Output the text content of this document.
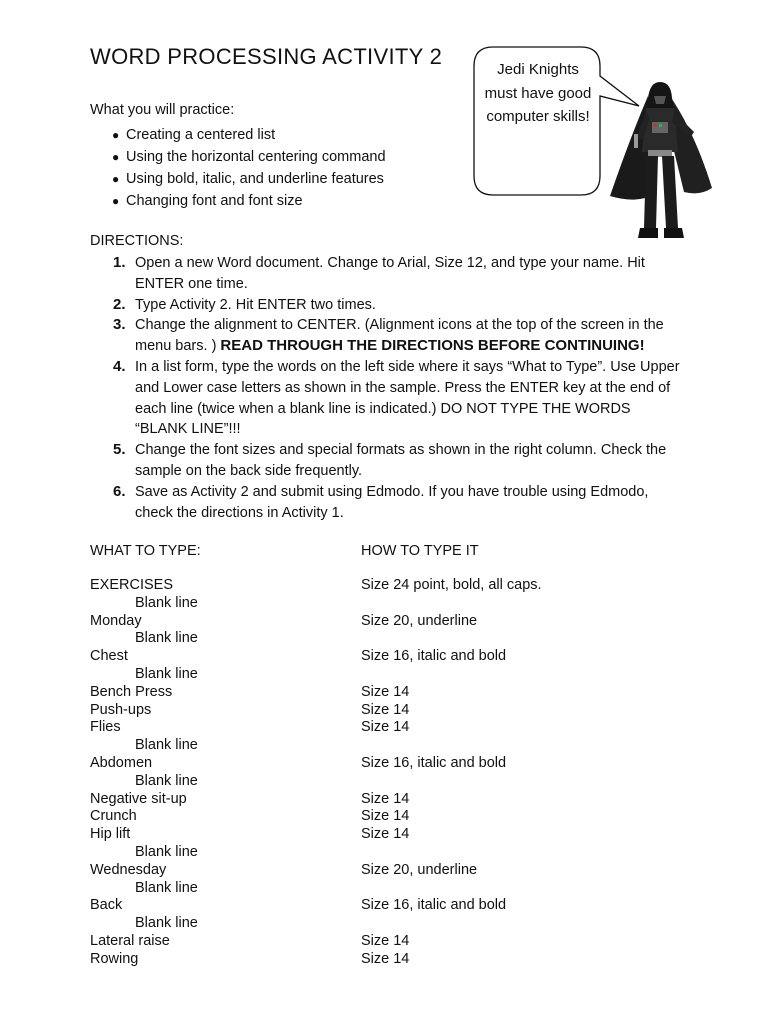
WORD PROCESSING ACTIVITY 2
Jedi Knights must have good computer skills!

What you will practice:

● Creating a centered list
● Using the horizontal centering command
● Using bold, italic, and underline features
● Changing font and font size

DIRECTIONS:

1. Open a new Word document. Change to Arial, Size 12, and type your name. Hit ENTER one time.
2. Type Activity 2. Hit ENTER two times.
3. Change the alignment to CENTER. (Alignment icons at the top of the screen in the menu bars. ) READ THROUGH THE DIRECTIONS BEFORE CONTINUING!
4. In a list form, type the words on the left side where it says “What to Type”. Use Upper and Lower case letters as shown in the sample. Press the ENTER key at the end of each line (twice when a blank line is indicated.) DO NOT TYPE THE WORDS “BLANK LINE”!!!
5. Change the font sizes and special formats as shown in the right column. Check the sample on the back side frequently.
6. Save as Activity 2 and submit using Edmodo. If you have trouble using Edmodo, check the directions in Activity 1.

WHAT TO TYPE:	HOW TO TYPE IT

EXERCISES	Size 24 point, bold, all caps.
Blank line
Monday	Size 20, underline
Blank line
Chest	Size 16, italic and bold
Blank line
Bench Press	Size 14
Push-ups	Size 14
Flies	Size 14
Blank line
Abdomen	Size 16, italic and bold
Blank line
Negative sit-up	Size 14
Crunch	Size 14
Hip lift	Size 14
Blank line
Wednesday	Size 20, underline
Blank line
Back	Size 16, italic and bold
Blank line
Lateral raise	Size 14
Rowing	Size 14
